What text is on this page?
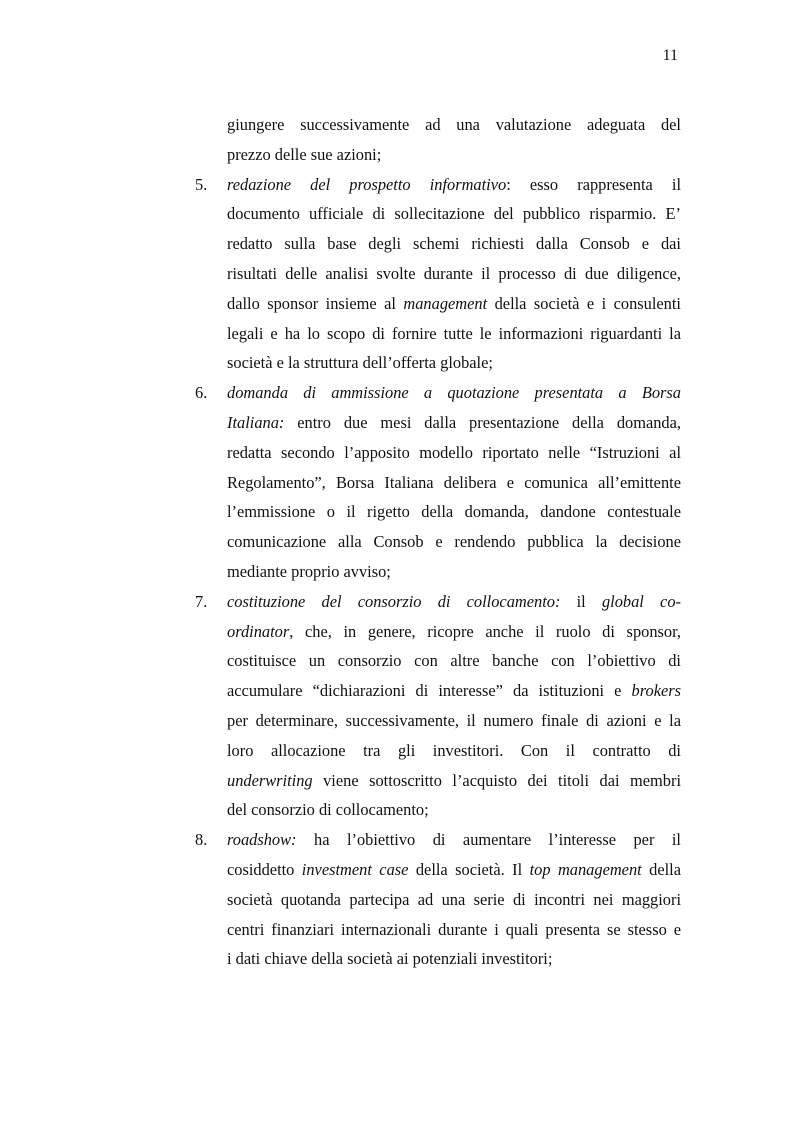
11
giungere successivamente ad una valutazione adeguata del
prezzo delle sue azioni;
5.	redazione del prospetto informativo: esso rappresenta il
documento ufficiale di sollecitazione del pubblico risparmio. E’
redatto sulla base degli schemi richiesti dalla Consob e dai
risultati delle analisi svolte durante il processo di due diligence,
dallo sponsor insieme al management della società e i consulenti
legali e ha lo scopo di fornire tutte le informazioni riguardanti la
società e la struttura dell’offerta globale;
6.	domanda di ammissione a quotazione presentata a Borsa
Italiana: entro due mesi dalla presentazione della domanda,
redatta secondo l’apposito modello riportato nelle “Istruzioni al
Regolamento”, Borsa Italiana delibera e comunica all’emittente
l’emmissione o il rigetto della domanda, dandone contestuale
comunicazione alla Consob e rendendo pubblica la decisione
mediante proprio avviso;
7.	costituzione del consorzio di collocamento: il global co-
ordinator, che, in genere, ricopre anche il ruolo di sponsor,
costituisce un consorzio con altre banche con l’obiettivo di
accumulare “dichiarazioni di interesse” da istituzioni e brokers
per determinare, successivamente, il numero finale di azioni e la
loro allocazione tra gli investitori. Con il contratto di
underwriting viene sottoscritto l’acquisto dei titoli dai membri
del consorzio di collocamento;
8.	roadshow: ha l’obiettivo di aumentare l’interesse per il
cosiddetto investment case della società. Il top management della
società quotanda partecipa ad una serie di incontri nei maggiori
centri finanziari internazionali durante i quali presenta se stesso e
i dati chiave della società ai potenziali investitori;
